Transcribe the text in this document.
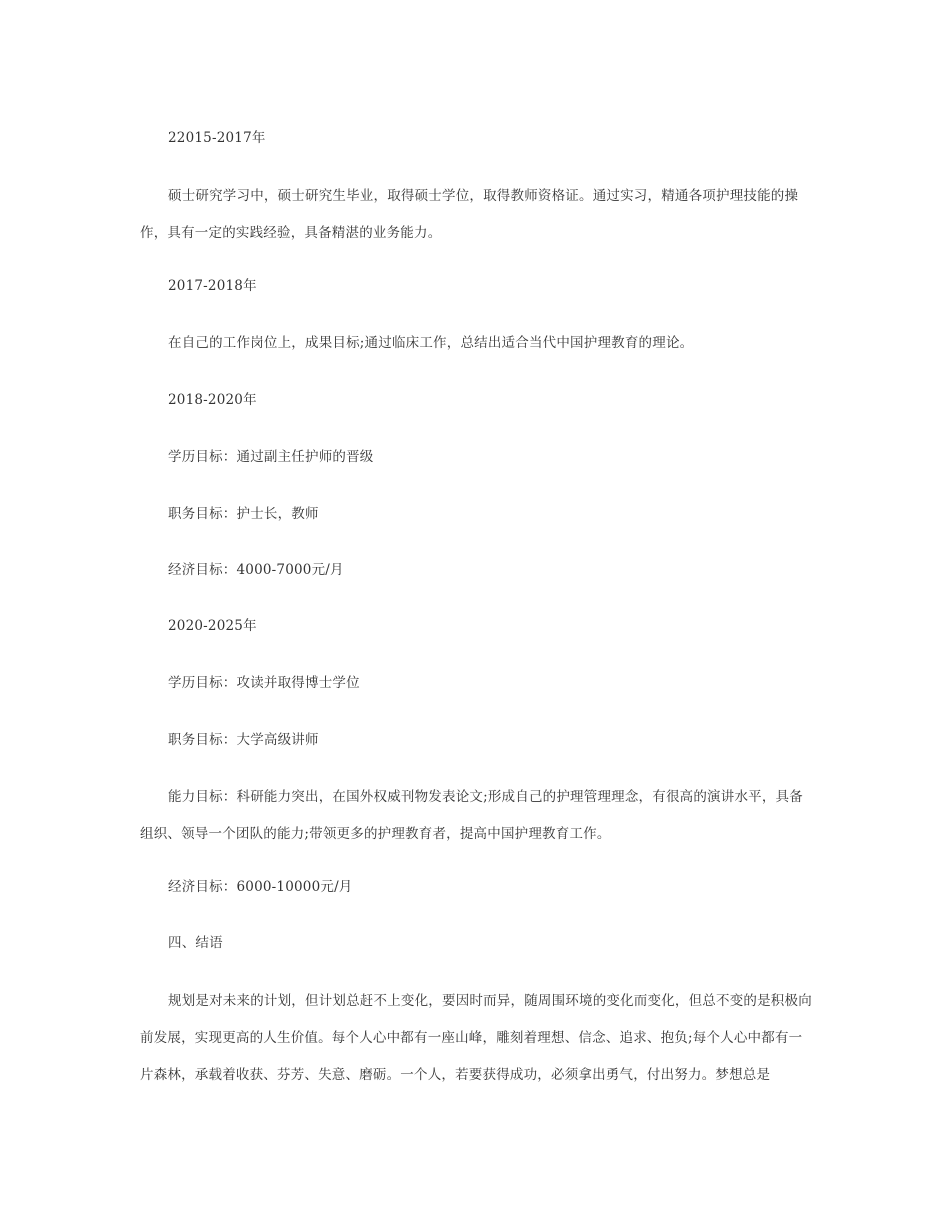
22015-2017年

硕士研究学习中，硕士研究生毕业，取得硕士学位，取得教师资格证。通过实习，精通各项护理技能的操作，具有一定的实践经验，具备精湛的业务能力。

2017-2018年

在自己的工作岗位上，成果目标;通过临床工作，总结出适合当代中国护理教育的理论。

2018-2020年

学历目标：通过副主任护师的晋级

职务目标：护士长，教师

经济目标：4000-7000元/月

2020-2025年

学历目标：攻读并取得博士学位

职务目标：大学高级讲师

能力目标：科研能力突出，在国外权威刊物发表论文;形成自己的护理管理理念，有很高的演讲水平，具备组织、领导一个团队的能力;带领更多的护理教育者，提高中国护理教育工作。

经济目标：6000-10000元/月

四、结语

规划是对未来的计划，但计划总赶不上变化，要因时而异，随周围环境的变化而变化，但总不变的是积极向前发展，实现更高的人生价值。每个人心中都有一座山峰，雕刻着理想、信念、追求、抱负;每个人心中都有一片森林，承载着收获、芬芳、失意、磨砺。一个人，若要获得成功，必须拿出勇气，付出努力。梦想总是
